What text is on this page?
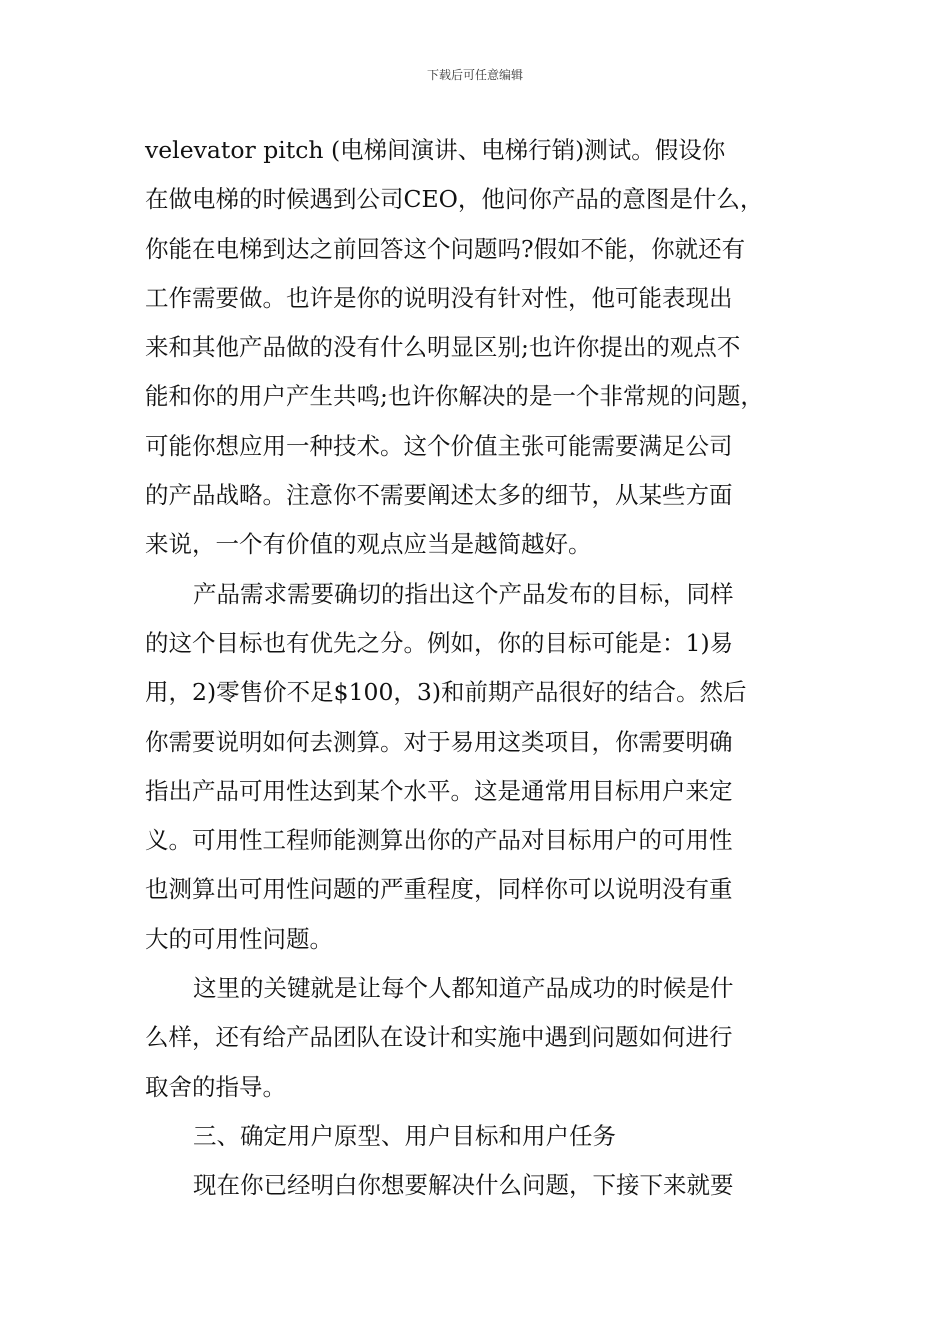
下载后可任意编辑
velevator pitch (电梯间演讲、电梯行销)测试。假设你
在做电梯的时候遇到公司CEO，他问你产品的意图是什么，
你能在电梯到达之前回答这个问题吗?假如不能，你就还有
工作需要做。也许是你的说明没有针对性，他可能表现出
来和其他产品做的没有什么明显区别;也许你提出的观点不
能和你的用户产生共鸣;也许你解决的是一个非常规的问题，
可能你想应用一种技术。这个价值主张可能需要满足公司
的产品战略。注意你不需要阐述太多的细节，从某些方面
来说，一个有价值的观点应当是越简越好。
产品需求需要确切的指出这个产品发布的目标，同样
的这个目标也有优先之分。例如，你的目标可能是：1)易
用，2)零售价不足$100，3)和前期产品很好的结合。然后
你需要说明如何去测算。对于易用这类项目，你需要明确
指出产品可用性达到某个水平。这是通常用目标用户来定
义。可用性工程师能测算出你的产品对目标用户的可用性
也测算出可用性问题的严重程度，同样你可以说明没有重
大的可用性问题。
这里的关键就是让每个人都知道产品成功的时候是什
么样，还有给产品团队在设计和实施中遇到问题如何进行
取舍的指导。
三、确定用户原型、用户目标和用户任务
现在你已经明白你想要解决什么问题，下接下来就要
